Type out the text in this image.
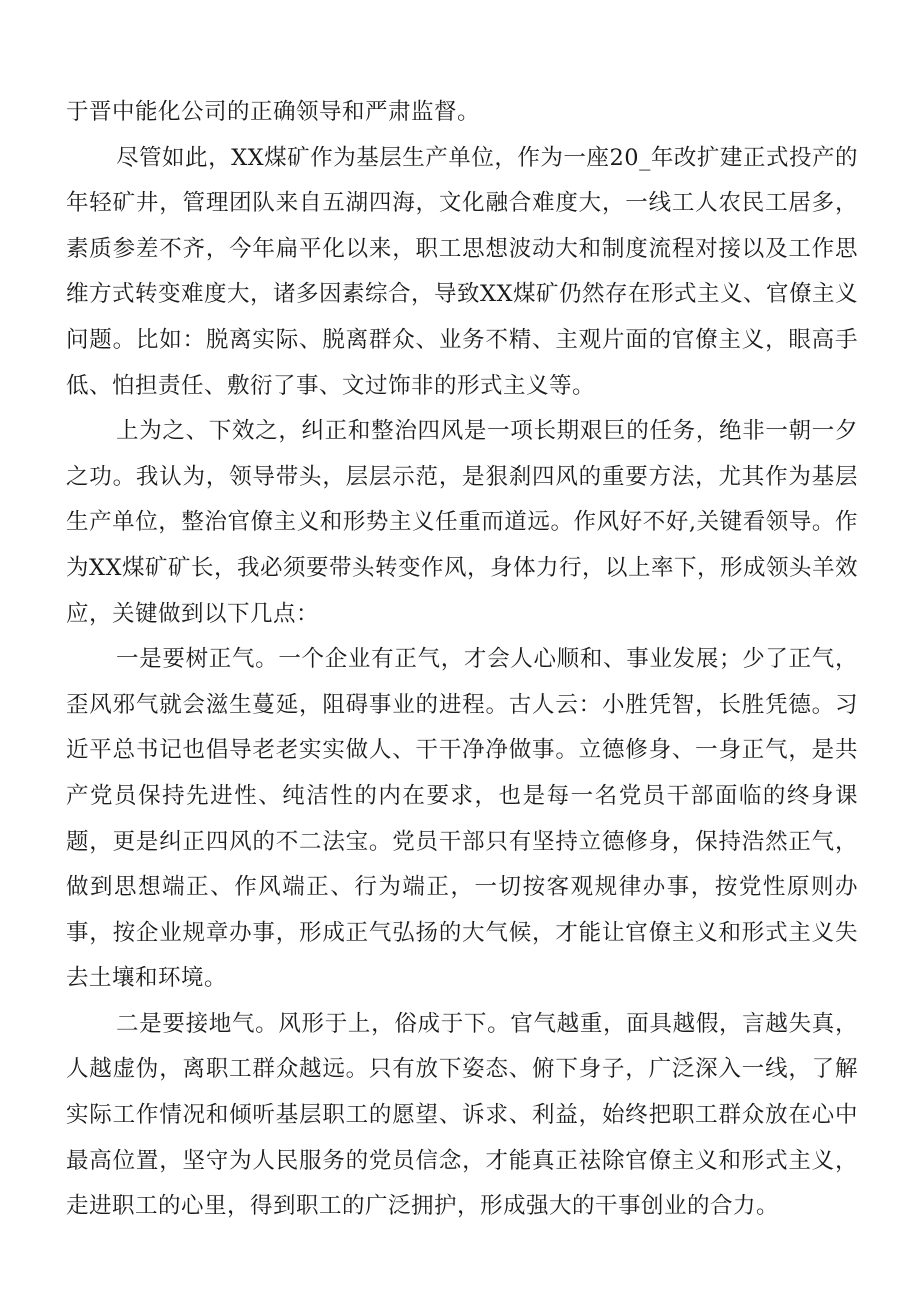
于晋中能化公司的正确领导和严肃监督。
尽管如此，XX煤矿作为基层生产单位，作为一座20_年改扩建正式投产的
年轻矿井，管理团队来自五湖四海，文化融合难度大，一线工人农民工居多，
素质参差不齐，今年扁平化以来，职工思想波动大和制度流程对接以及工作思
维方式转变难度大，诸多因素综合，导致XX煤矿仍然存在形式主义、官僚主义
问题。比如：脱离实际、脱离群众、业务不精、主观片面的官僚主义，眼高手
低、怕担责任、敷衍了事、文过饰非的形式主义等。
上为之、下效之，纠正和整治四风是一项长期艰巨的任务，绝非一朝一夕
之功。我认为，领导带头，层层示范，是狠刹四风的重要方法，尤其作为基层
生产单位，整治官僚主义和形势主义任重而道远。作风好不好,关键看领导。作
为XX煤矿矿长，我必须要带头转变作风，身体力行，以上率下，形成领头羊效
应，关键做到以下几点：
一是要树正气。一个企业有正气，才会人心顺和、事业发展；少了正气，
歪风邪气就会滋生蔓延，阻碍事业的进程。古人云：小胜凭智，长胜凭德。习
近平总书记也倡导老老实实做人、干干净净做事。立德修身、一身正气，是共
产党员保持先进性、纯洁性的内在要求，也是每一名党员干部面临的终身课
题，更是纠正四风的不二法宝。党员干部只有坚持立德修身，保持浩然正气，
做到思想端正、作风端正、行为端正，一切按客观规律办事，按党性原则办
事，按企业规章办事，形成正气弘扬的大气候，才能让官僚主义和形式主义失
去土壤和环境。
二是要接地气。风形于上，俗成于下。官气越重，面具越假，言越失真，
人越虚伪，离职工群众越远。只有放下姿态、俯下身子，广泛深入一线，了解
实际工作情况和倾听基层职工的愿望、诉求、利益，始终把职工群众放在心中
最高位置，坚守为人民服务的党员信念，才能真正祛除官僚主义和形式主义，
走进职工的心里，得到职工的广泛拥护，形成强大的干事创业的合力。
